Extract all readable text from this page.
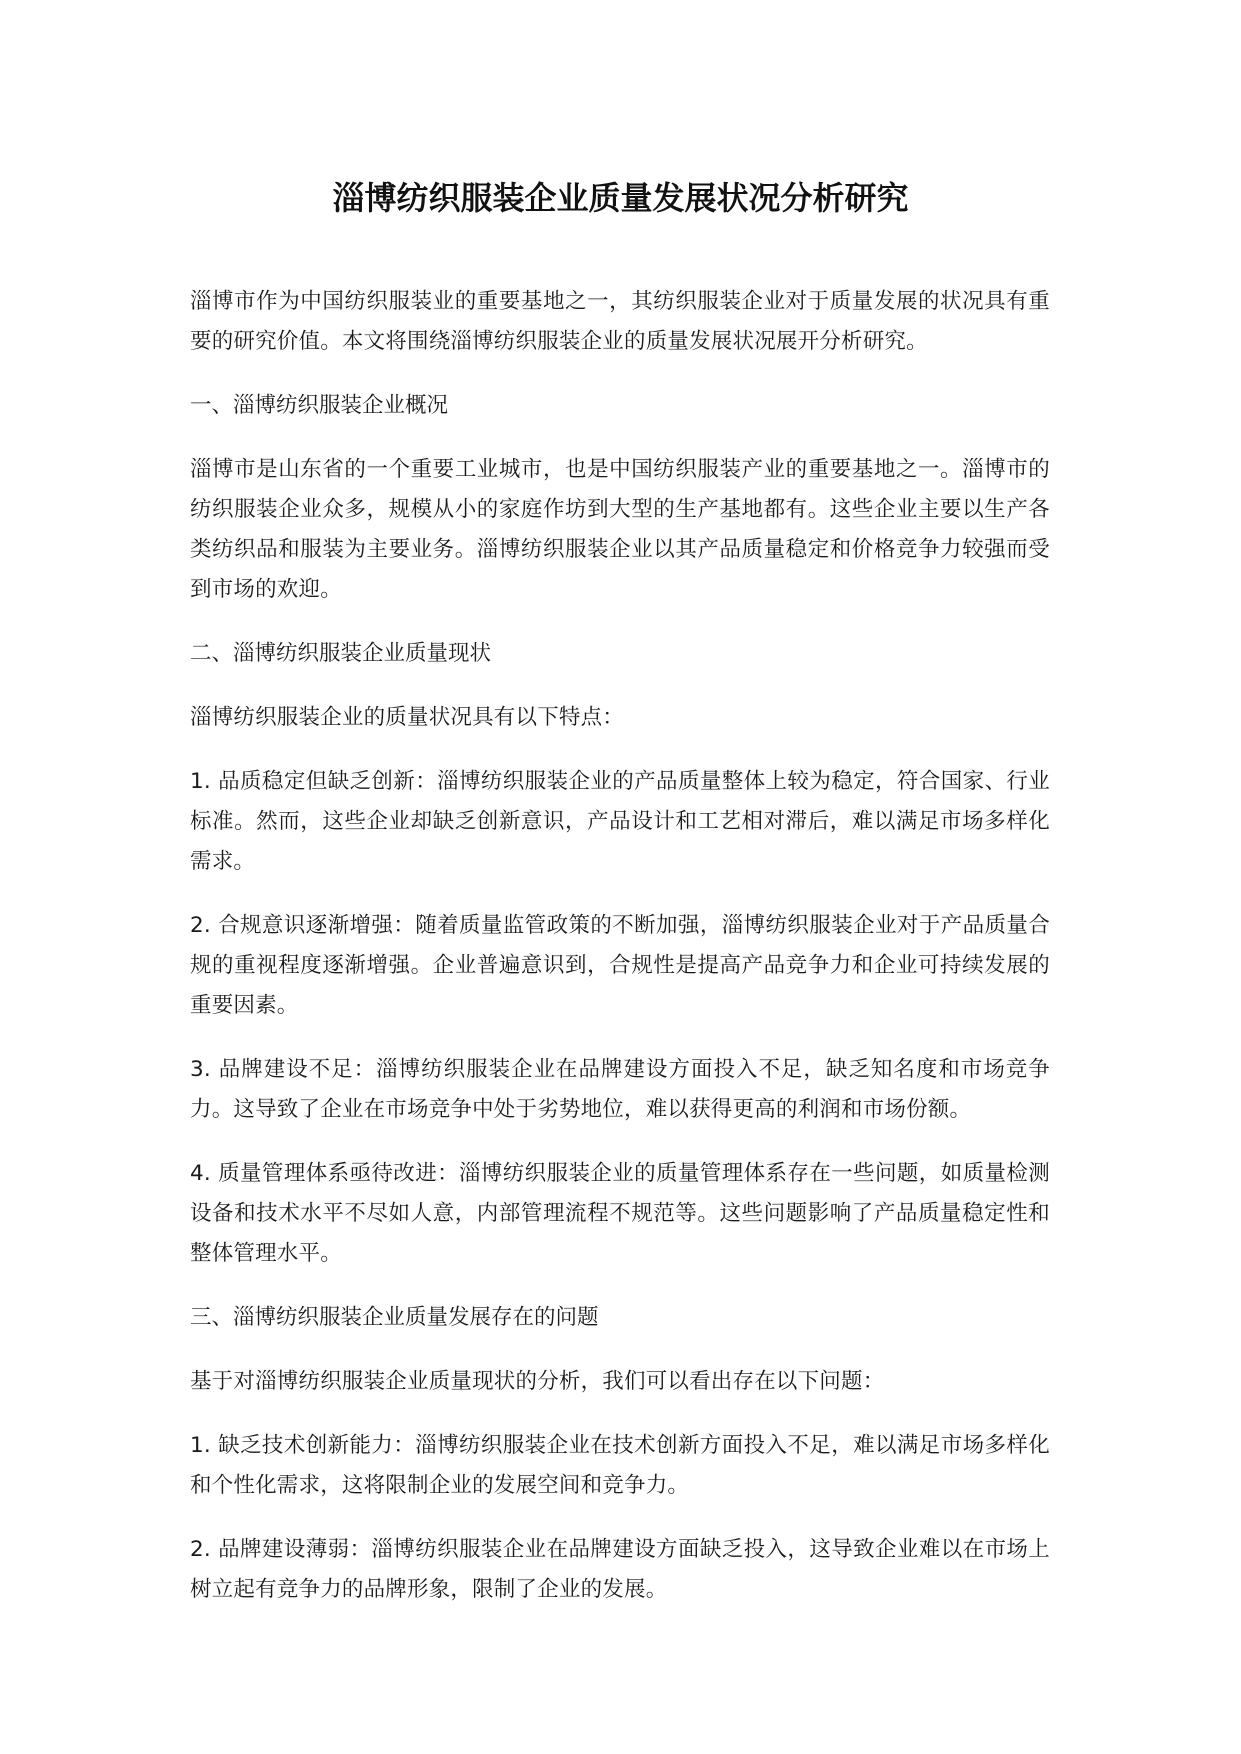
淄博纺织服装企业质量发展状况分析研究

淄博市作为中国纺织服装业的重要基地之一，其纺织服装企业对于质量发展的状况具有重要的研究价值。本文将围绕淄博纺织服装企业的质量发展状况展开分析研究。

一、淄博纺织服装企业概况

淄博市是山东省的一个重要工业城市，也是中国纺织服装产业的重要基地之一。淄博市的纺织服装企业众多，规模从小的家庭作坊到大型的生产基地都有。这些企业主要以生产各类纺织品和服装为主要业务。淄博纺织服装企业以其产品质量稳定和价格竞争力较强而受到市场的欢迎。

二、淄博纺织服装企业质量现状

淄博纺织服装企业的质量状况具有以下特点：

1. 品质稳定但缺乏创新：淄博纺织服装企业的产品质量整体上较为稳定，符合国家、行业标准。然而，这些企业却缺乏创新意识，产品设计和工艺相对滞后，难以满足市场多样化需求。

2. 合规意识逐渐增强：随着质量监管政策的不断加强，淄博纺织服装企业对于产品质量合规的重视程度逐渐增强。企业普遍意识到，合规性是提高产品竞争力和企业可持续发展的重要因素。

3. 品牌建设不足：淄博纺织服装企业在品牌建设方面投入不足，缺乏知名度和市场竞争力。这导致了企业在市场竞争中处于劣势地位，难以获得更高的利润和市场份额。

4. 质量管理体系亟待改进：淄博纺织服装企业的质量管理体系存在一些问题，如质量检测设备和技术水平不尽如人意，内部管理流程不规范等。这些问题影响了产品质量稳定性和整体管理水平。

三、淄博纺织服装企业质量发展存在的问题

基于对淄博纺织服装企业质量现状的分析，我们可以看出存在以下问题：

1. 缺乏技术创新能力：淄博纺织服装企业在技术创新方面投入不足，难以满足市场多样化和个性化需求，这将限制企业的发展空间和竞争力。

2. 品牌建设薄弱：淄博纺织服装企业在品牌建设方面缺乏投入，这导致企业难以在市场上树立起有竞争力的品牌形象，限制了企业的发展。
